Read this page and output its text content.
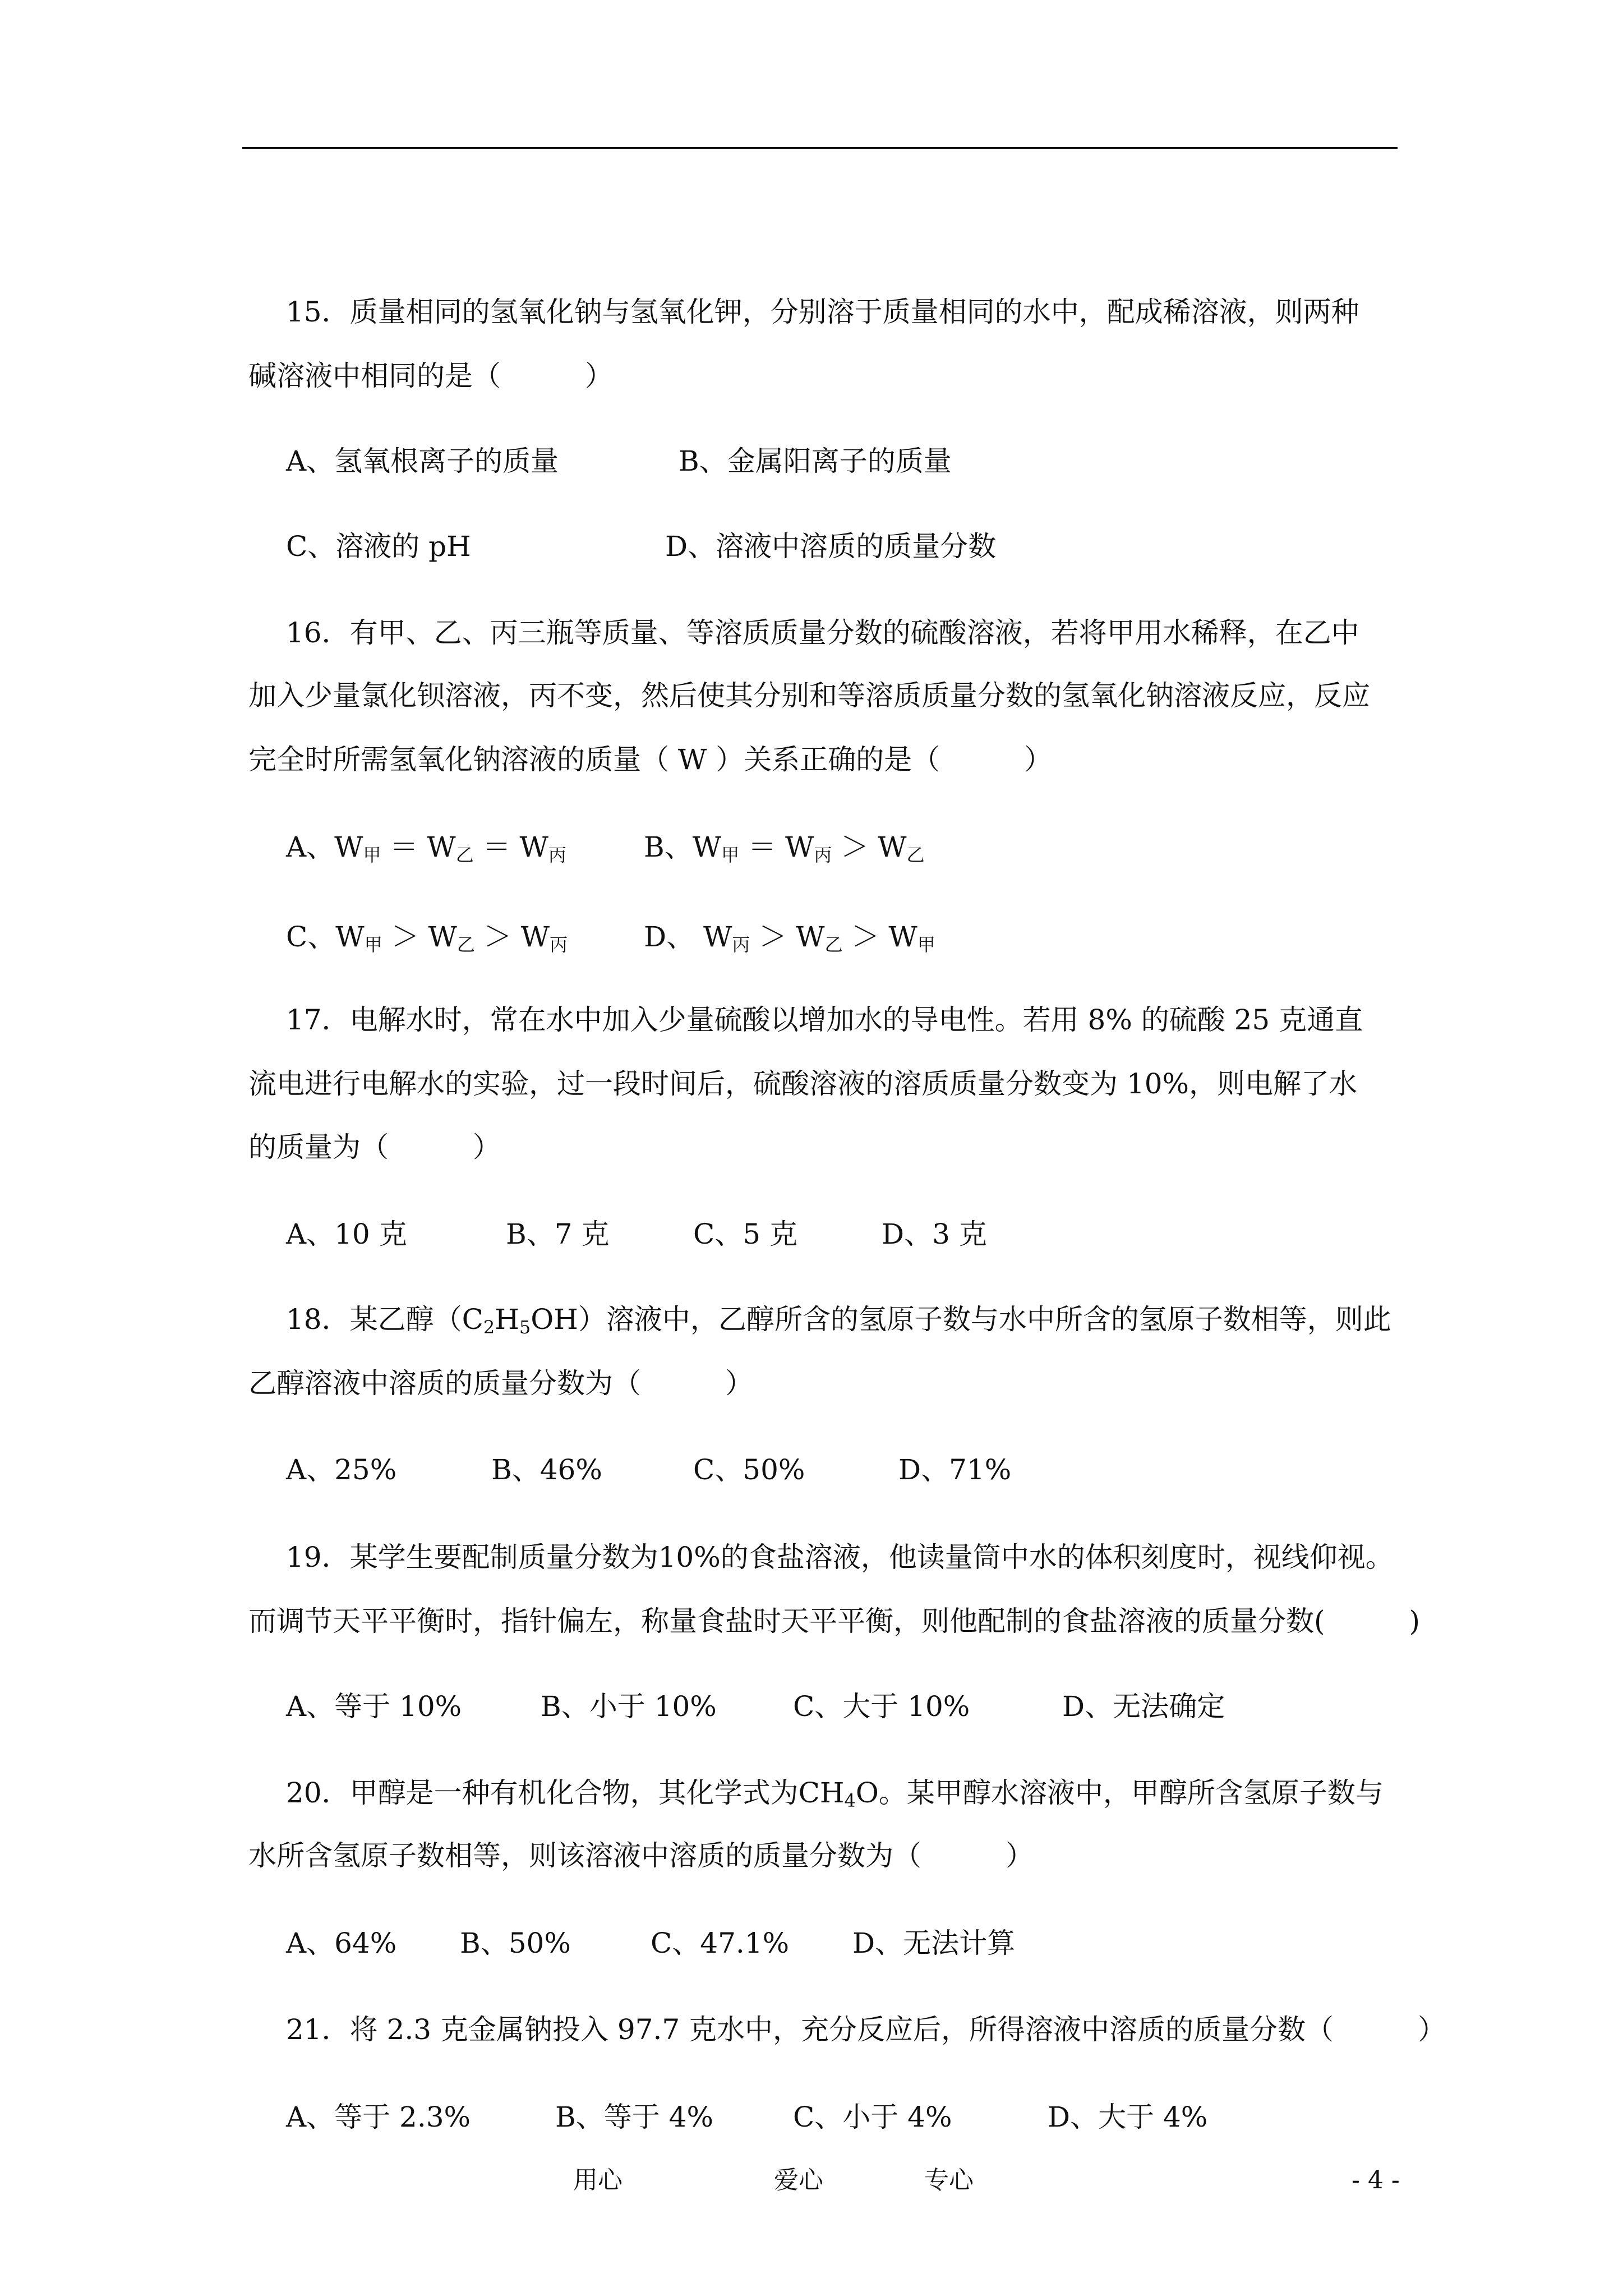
15．质量相同的氢氧化钠与氢氧化钾，分别溶于质量相同的水中，配成稀溶液，则两种
碱溶液中相同的是（　　　）
A、氢氧根离子的质量	B、金属阳离子的质量
C、溶液的 pH	D、溶液中溶质的质量分数
16．有甲、乙、丙三瓶等质量、等溶质质量分数的硫酸溶液，若将甲用水稀释，在乙中
加入少量氯化钡溶液，丙不变，然后使其分别和等溶质质量分数的氢氧化钠溶液反应，反应
完全时所需氢氧化钠溶液的质量（ W ）关系正确的是（　　　）
A、$W_甲 = W_乙 = W_丙$	B、$W_甲 = W_丙 > W_乙$
C、$W_甲 > W_乙 > W_丙$	D、 $W_丙 > W_乙 > W_甲$
17．电解水时，常在水中加入少量硫酸以增加水的导电性。若用 8% 的硫酸 25 克通直
流电进行电解水的实验，过一段时间后，硫酸溶液的溶质质量分数变为 10%，则电解了水
的质量为（　　　）
A、10 克	B、7 克	C、5 克	D、3 克
18．某乙醇$(C_2H_5OH)$溶液中，乙醇所含的氢原子数与水中所含的氢原子数相等，则此
乙醇溶液中溶质的质量分数为（　　　）
A、25%	B、46%	C、50%	D、71%
19．某学生要配制质量分数为10%的食盐溶液，他读量筒中水的体积刻度时，视线仰视。
而调节天平平衡时，指针偏左，称量食盐时天平平衡，则他配制的食盐溶液的质量分数(　　　)
A、等于 10%	B、小于 10%	C、大于 10%	D、无法确定
20．甲醇是一种有机化合物，其化学式为$CH_4O$。某甲醇水溶液中，甲醇所含氢原子数与
水所含氢原子数相等，则该溶液中溶质的质量分数为（　　　）
A、64% B、50%	C、47.1% D、无法计算
21．将 2.3 克金属钠投入 97.7 克水中，充分反应后，所得溶液中溶质的质量分数（　　　）
A、等于 2.3%	B、等于 4%	C、小于 4%	D、大于 4%
用心	爱心	专心	- 4 -
